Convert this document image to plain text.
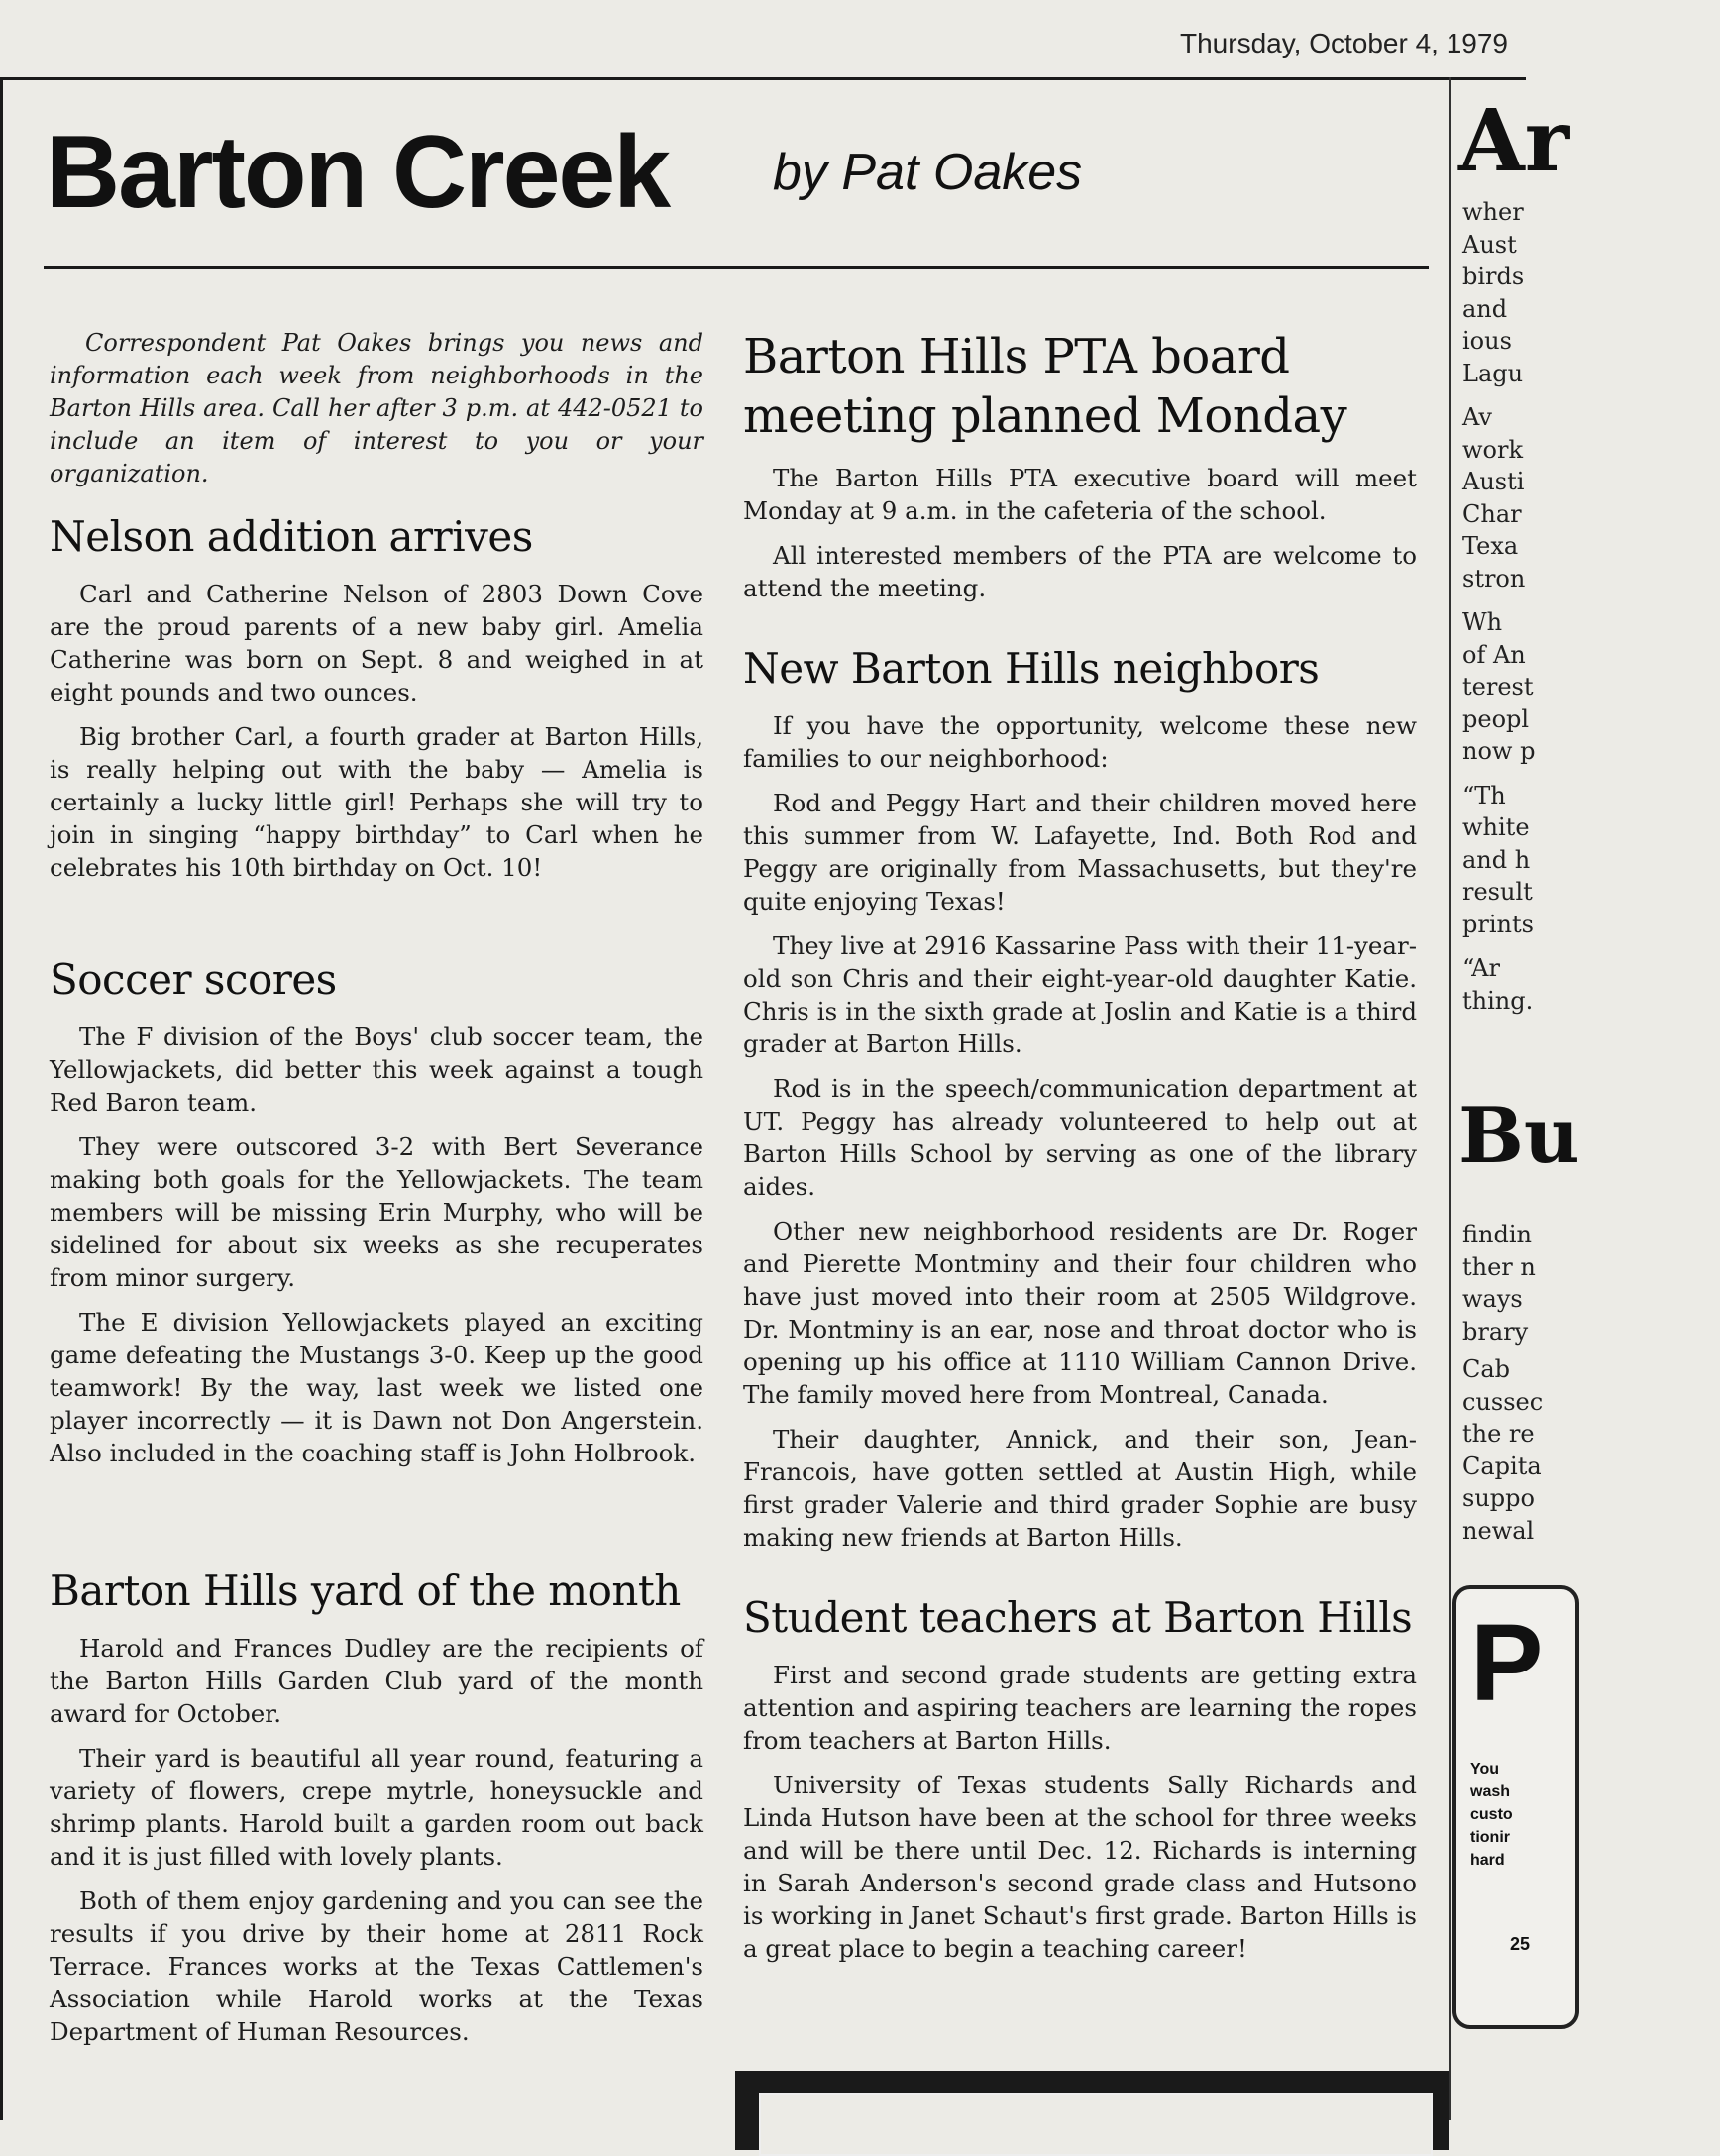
Thursday, October 4, 1979
Barton Creek by Pat Oakes

Correspondent Pat Oakes brings you news and information each week from neighborhoods in the Barton Hills area. Call her after 3 p.m. at 442-0521 to include an item of interest to you or your organization.

Nelson addition arrives

Carl and Catherine Nelson of 2803 Down Cove are the proud parents of a new baby girl. Amelia Catherine was born on Sept. 8 and weighed in at eight pounds and two ounces.

Big brother Carl, a fourth grader at Barton Hills, is really helping out with the baby — Amelia is certainly a lucky little girl! Perhaps she will try to join in singing “happy birthday” to Carl when he celebrates his 10th birthday on Oct. 10!

Soccer scores

The F division of the Boys' club soccer team, the Yellowjackets, did better this week against a tough Red Baron team.

They were outscored 3-2 with Bert Severance making both goals for the Yellowjackets. The team members will be missing Erin Murphy, who will be sidelined for about six weeks as she recuperates from minor surgery.

The E division Yellowjackets played an exciting game defeating the Mustangs 3-0. Keep up the good teamwork! By the way, last week we listed one player incorrectly — it is Dawn not Don Angerstein. Also included in the coaching staff is John Holbrook.

Barton Hills yard of the month

Harold and Frances Dudley are the recipients of the Barton Hills Garden Club yard of the month award for October.

Their yard is beautiful all year round, featuring a variety of flowers, crepe mytrle, honeysuckle and shrimp plants. Harold built a garden room out back and it is just filled with lovely plants.

Both of them enjoy gardening and you can see the results if you drive by their home at 2811 Rock Terrace. Frances works at the Texas Cattlemen's Association while Harold works at the Texas Department of Human Resources.

Barton Hills PTA board meeting planned Monday

The Barton Hills PTA executive board will meet Monday at 9 a.m. in the cafeteria of the school.

All interested members of the PTA are welcome to attend the meeting.

New Barton Hills neighbors

If you have the opportunity, welcome these new families to our neighborhood:

Rod and Peggy Hart and their children moved here this summer from W. Lafayette, Ind. Both Rod and Peggy are originally from Massachusetts, but they're quite enjoying Texas!

They live at 2916 Kassarine Pass with their 11-year-old son Chris and their eight-year-old daughter Katie. Chris is in the sixth grade at Joslin and Katie is a third grader at Barton Hills.

Rod is in the speech/communication department at UT. Peggy has already volunteered to help out at Barton Hills School by serving as one of the library aides.

Other new neighborhood residents are Dr. Roger and Pierette Montminy and their four children who have just moved into their room at 2505 Wildgrove. Dr. Montminy is an ear, nose and throat doctor who is opening up his office at 1110 William Cannon Drive. The family moved here from Montreal, Canada.

Their daughter, Annick, and their son, Jean-Francois, have gotten settled at Austin High, while first grader Valerie and third grader Sophie are busy making new friends at Barton Hills.

Student teachers at Barton Hills

First and second grade students are getting extra attention and aspiring teachers are learning the ropes from teachers at Barton Hills.

University of Texas students Sally Richards and Linda Hutson have been at the school for three weeks and will be there until Dec. 12. Richards is interning in Sarah Anderson's second grade class and Hutsono is working in Janet Schaut's first grade. Barton Hills is a great place to begin a teaching career!

Ar
wher
Aust
birds
and
ious
Lagu
Av
work
Austi
Char
Texa
stron
Wh
of An
terest
peopl
now p
“Th
white
and h
result
prints
“Ar
thing.
Bu
findin
ther n
ways
brary
Cab
cussec
the re
Capita
suppo
newal
P
You
wash
custo
tionir
hard
25
